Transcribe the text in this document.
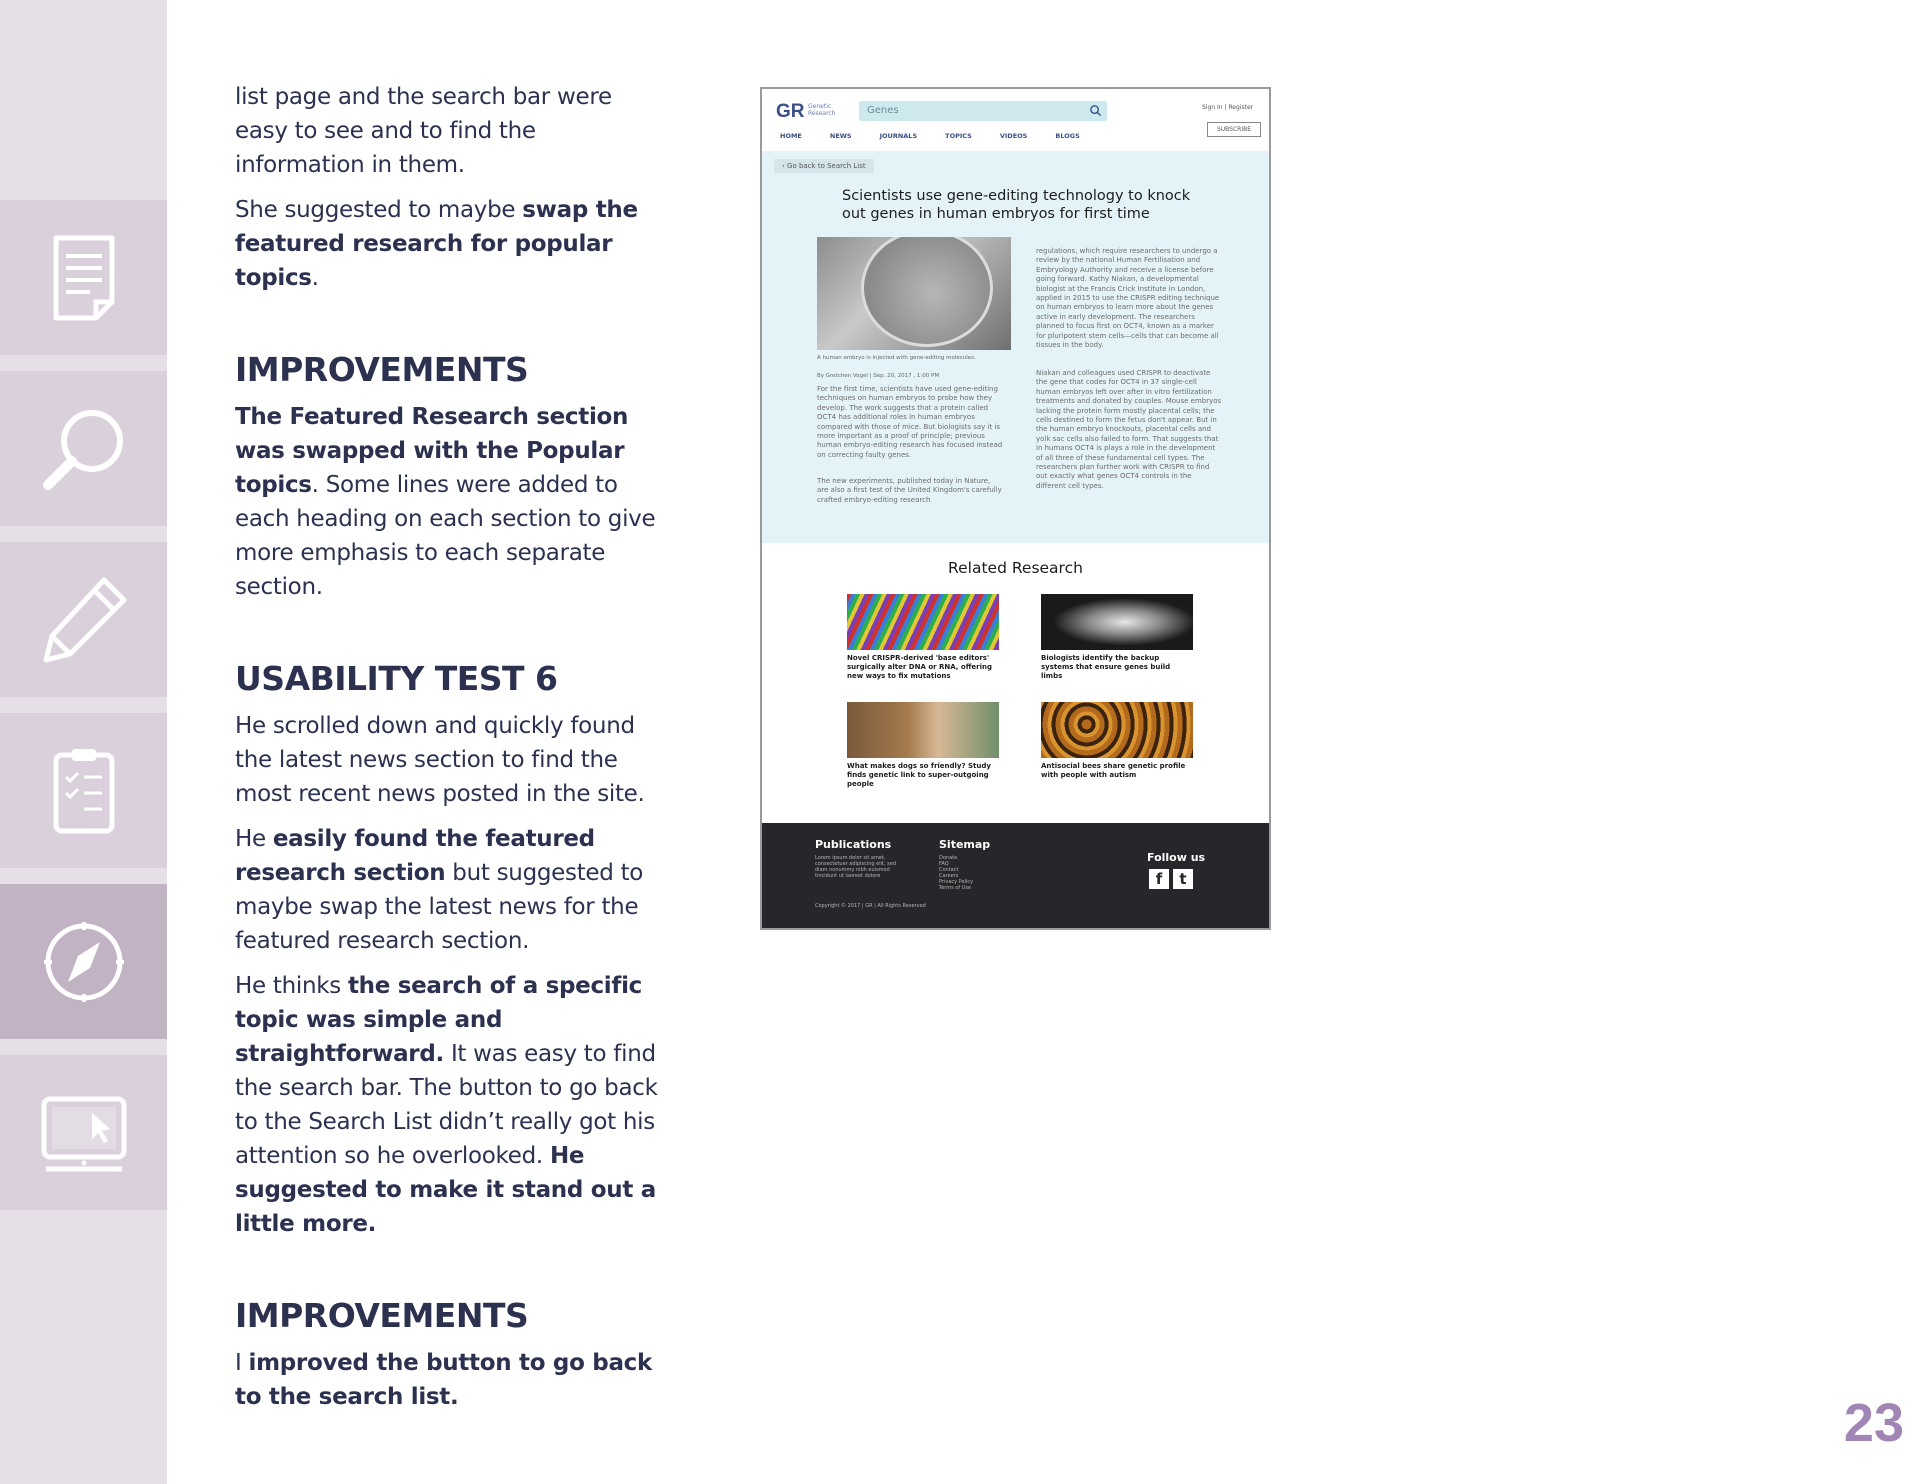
list page and the search bar were easy to see and to find the information in them.

She suggested to maybe swap the featured research for popular topics.

IMPROVEMENTS

The Featured Research section was swapped with the Popular topics. Some lines were added to each heading on each section to give more emphasis to each separate section.

USABILITY TEST 6

He scrolled down and quickly found the latest news section to find the most recent news posted in the site.

He easily found the featured research section but suggested to maybe swap the latest news for the featured research section.

He thinks the search of a specific topic was simple and straightforward. It was easy to find the search bar. The button to go back to the Search List didn’t really got his attention so he overlooked. He suggested to make it stand out a little more.

IMPROVEMENTS

I improved the button to go back to the search list.

GR Genetic Research	Genes	Sign In | Register
SUBSCRIBE
HOME	NEWS	JOURNALS	TOPICS	VIDEOS	BLOGS
‹ Go back to Search List
Scientists use gene-editing technology to knock out genes in human embryos for first time
A human embryo is injected with gene-editing molecules.
By Gretchen Vogel | Sep. 20, 2017 , 1:00 PM
For the first time, scientists have used gene-editing techniques on human embryos to probe how they develop. The work suggests that a protein called OCT4 has additional roles in human embryos compared with those of mice. But biologists say it is more important as a proof of principle; previous human embryo-editing research has focused instead on correcting faulty genes.
The new experiments, published today in Nature, are also a first test of the United Kingdom's carefully crafted embryo-editing research
regulations, which require researchers to undergo a review by the national Human Fertilisation and Embryology Authority and receive a license before going forward. Kathy Niakan, a developmental biologist at the Francis Crick Institute in London, applied in 2015 to use the CRISPR editing technique on human embryos to learn more about the genes active in early development. The researchers planned to focus first on OCT4, known as a marker for pluripotent stem cells—cells that can become all tissues in the body.
Niakan and colleagues used CRISPR to deactivate the gene that codes for OCT4 in 37 single-cell human embryos left over after in vitro fertilization treatments and donated by couples. Mouse embryos lacking the protein form mostly placental cells; the cells destined to form the fetus don't appear. But in the human embryo knockouts, placental cells and yolk sac cells also failed to form. That suggests that in humans OCT4 is plays a role in the development of all three of these fundamental cell types. The researchers plan further work with CRISPR to find out exactly what genes OCT4 controls in the different cell types.
Related Research
Novel CRISPR-derived 'base editors' surgically alter DNA or RNA, offering new ways to fix mutations
Biologists identify the backup systems that ensure genes build limbs
What makes dogs so friendly? Study finds genetic link to super-outgoing people
Antisocial bees share genetic profile with people with autism
Publications
Lorem ipsum dolor sit amet, consectetuer adipiscing elit, sed diam nonummy nibh euismod tincidunt ut laoreet dolore
Sitemap
Donate
FAQ
Contact
Careers
Privacy Policy
Terms of Use
Follow us
f	t
Copyright © 2017 | GR | All Rights Reserved
23
